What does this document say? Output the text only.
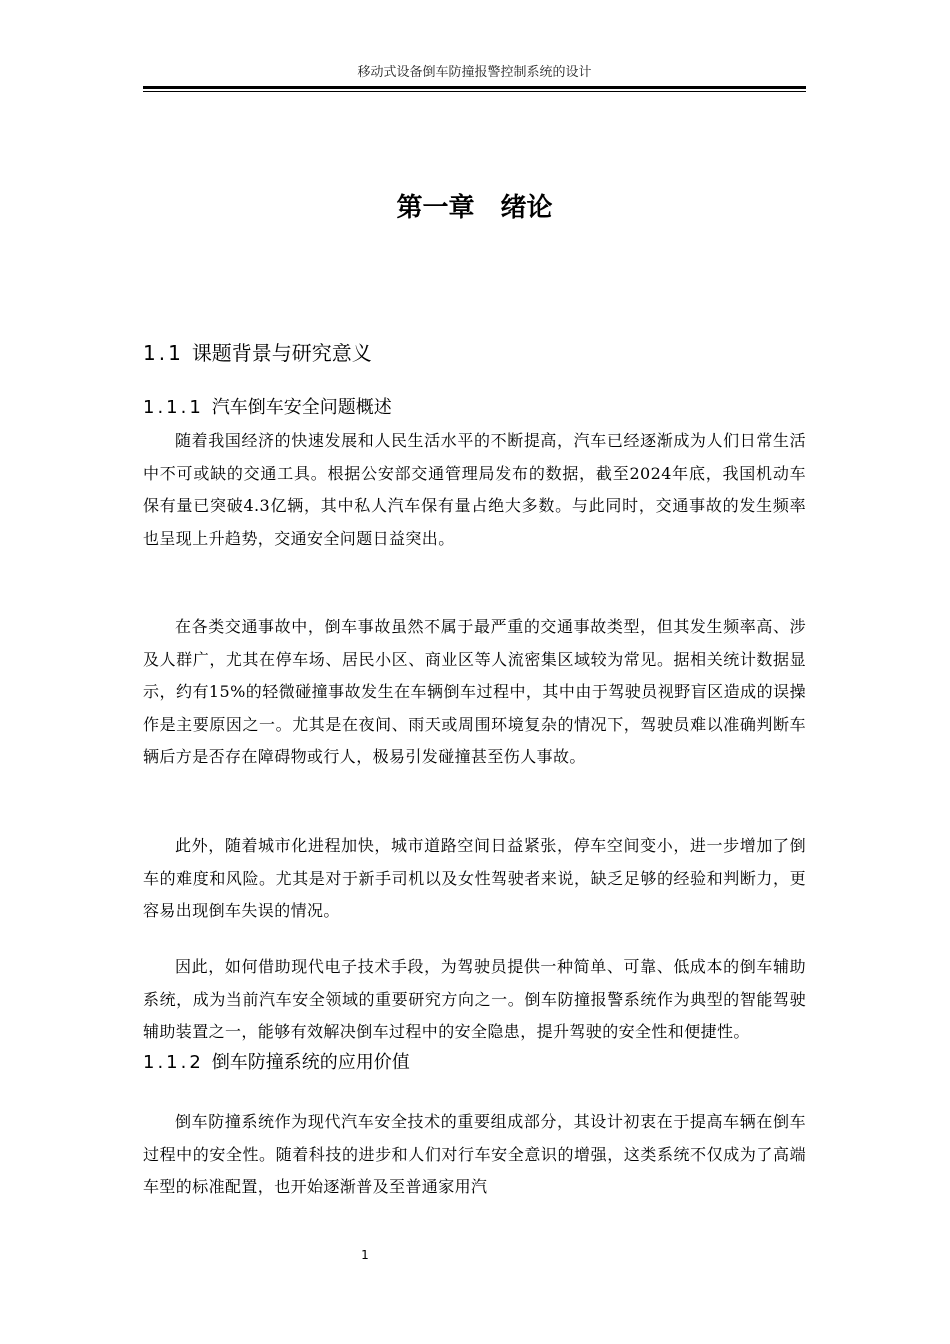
移动式设备倒车防撞报警控制系统的设计
第一章　绪论
1.1 课题背景与研究意义
1.1.1 汽车倒车安全问题概述

随着我国经济的快速发展和人民生活水平的不断提高，汽车已经逐渐成为人们日常生活中不可或缺的交通工具。根据公安部交通管理局发布的数据，截至2024年底，我国机动车保有量已突破4.3亿辆，其中私人汽车保有量占绝大多数。与此同时，交通事故的发生频率也呈现上升趋势，交通安全问题日益突出。

在各类交通事故中，倒车事故虽然不属于最严重的交通事故类型，但其发生频率高、涉及人群广，尤其在停车场、居民小区、商业区等人流密集区域较为常见。据相关统计数据显示，约有15%的轻微碰撞事故发生在车辆倒车过程中，其中由于驾驶员视野盲区造成的误操作是主要原因之一。尤其是在夜间、雨天或周围环境复杂的情况下，驾驶员难以准确判断车辆后方是否存在障碍物或行人，极易引发碰撞甚至伤人事故。

此外，随着城市化进程加快，城市道路空间日益紧张，停车空间变小，进一步增加了倒车的难度和风险。尤其是对于新手司机以及女性驾驶者来说，缺乏足够的经验和判断力，更容易出现倒车失误的情况。

因此，如何借助现代电子技术手段，为驾驶员提供一种简单、可靠、低成本的倒车辅助系统，成为当前汽车安全领域的重要研究方向之一。倒车防撞报警系统作为典型的智能驾驶辅助装置之一，能够有效解决倒车过程中的安全隐患，提升驾驶的安全性和便捷性。

1.1.2 倒车防撞系统的应用价值

倒车防撞系统作为现代汽车安全技术的重要组成部分，其设计初衷在于提高车辆在倒车过程中的安全性。随着科技的进步和人们对行车安全意识的增强，这类系统不仅成为了高端车型的标准配置，也开始逐渐普及至普通家用汽

1
